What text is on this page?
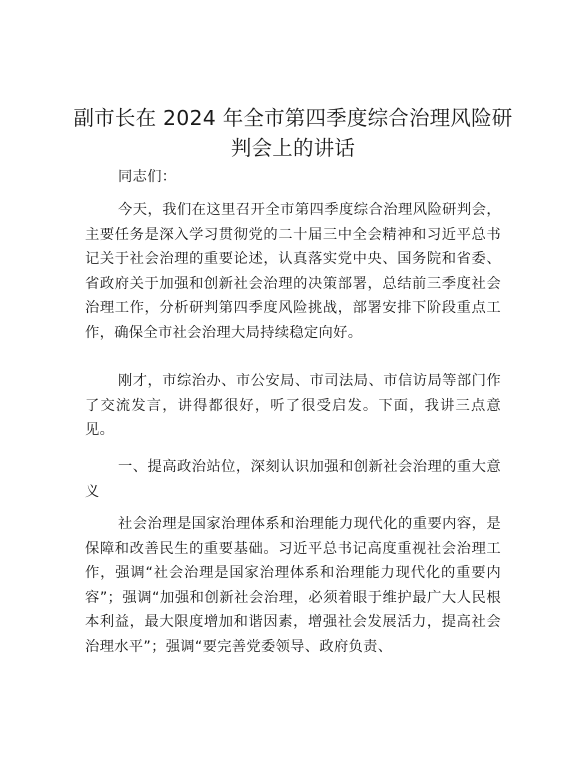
副市长在 2024 年全市第四季度综合治理风险研判会上的讲话

同志们：

今天，我们在这里召开全市第四季度综合治理风险研判会，主要任务是深入学习贯彻党的二十届三中全会精神和习近平总书记关于社会治理的重要论述，认真落实党中央、国务院和省委、省政府关于加强和创新社会治理的决策部署，总结前三季度社会治理工作，分析研判第四季度风险挑战，部署安排下阶段重点工作，确保全市社会治理大局持续稳定向好。

刚才，市综治办、市公安局、市司法局、市信访局等部门作了交流发言，讲得都很好，听了很受启发。下面，我讲三点意见。

一、提高政治站位，深刻认识加强和创新社会治理的重大意义

社会治理是国家治理体系和治理能力现代化的重要内容，是保障和改善民生的重要基础。习近平总书记高度重视社会治理工作，强调“社会治理是国家治理体系和治理能力现代化的重要内容”；强调“加强和创新社会治理，必须着眼于维护最广大人民根本利益，最大限度增加和谐因素，增强社会发展活力，提高社会治理水平”；强调“要完善党委领导、政府负责、
